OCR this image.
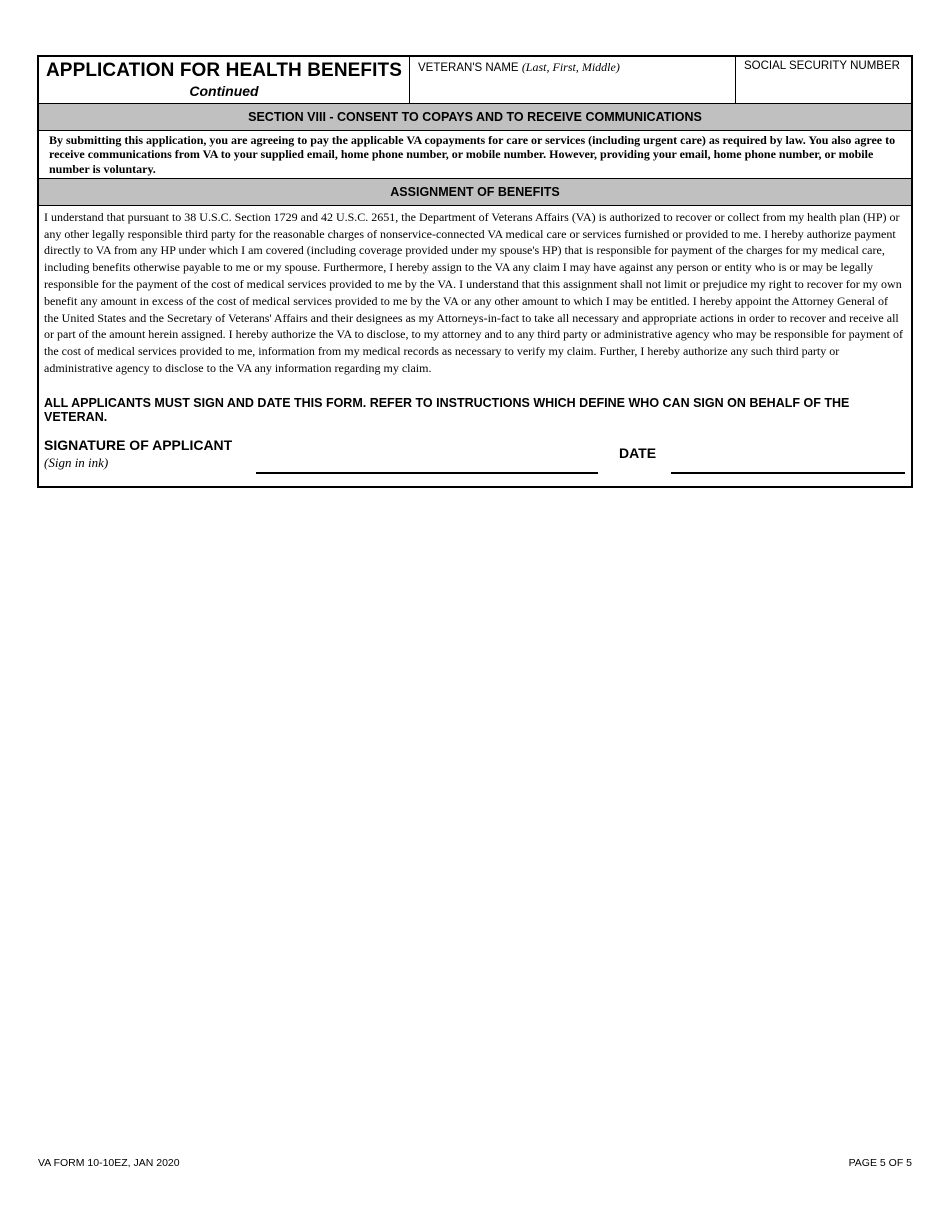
APPLICATION FOR HEALTH BENEFITS
Continued
VETERAN'S NAME (Last, First, Middle)	SOCIAL SECURITY NUMBER
SECTION VIII - CONSENT TO COPAYS AND TO RECEIVE COMMUNICATIONS
By submitting this application, you are agreeing to pay the applicable VA copayments for care or services (including urgent care) as required by law. You also agree to receive communications from VA to your supplied email, home phone number, or mobile number. However, providing your email, home phone number, or mobile number is voluntary.
ASSIGNMENT OF BENEFITS
I understand that pursuant to 38 U.S.C. Section 1729 and 42 U.S.C. 2651, the Department of Veterans Affairs (VA) is authorized to recover or collect from my health plan (HP) or any other legally responsible third party for the reasonable charges of nonservice-connected VA medical care or services furnished or provided to me. I hereby authorize payment directly to VA from any HP under which I am covered (including coverage provided under my spouse's HP) that is responsible for payment of the charges for my medical care, including benefits otherwise payable to me or my spouse. Furthermore, I hereby assign to the VA any claim I may have against any person or entity who is or may be legally responsible for the payment of the cost of medical services provided to me by the VA. I understand that this assignment shall not limit or prejudice my right to recover for my own benefit any amount in excess of the cost of medical services provided to me by the VA or any other amount to which I may be entitled. I hereby appoint the Attorney General of the United States and the Secretary of Veterans' Affairs and their designees as my Attorneys-in-fact to take all necessary and appropriate actions in order to recover and receive all or part of the amount herein assigned. I hereby authorize the VA to disclose, to my attorney and to any third party or administrative agency who may be responsible for payment of the cost of medical services provided to me, information from my medical records as necessary to verify my claim. Further, I hereby authorize any such third party or administrative agency to disclose to the VA any information regarding my claim.
ALL APPLICANTS MUST SIGN AND DATE THIS FORM. REFER TO INSTRUCTIONS WHICH DEFINE WHO CAN SIGN ON BEHALF OF THE VETERAN.
SIGNATURE OF APPLICANT
(Sign in ink)
DATE
VA FORM 10-10EZ, JAN 2020	PAGE 5 OF 5
